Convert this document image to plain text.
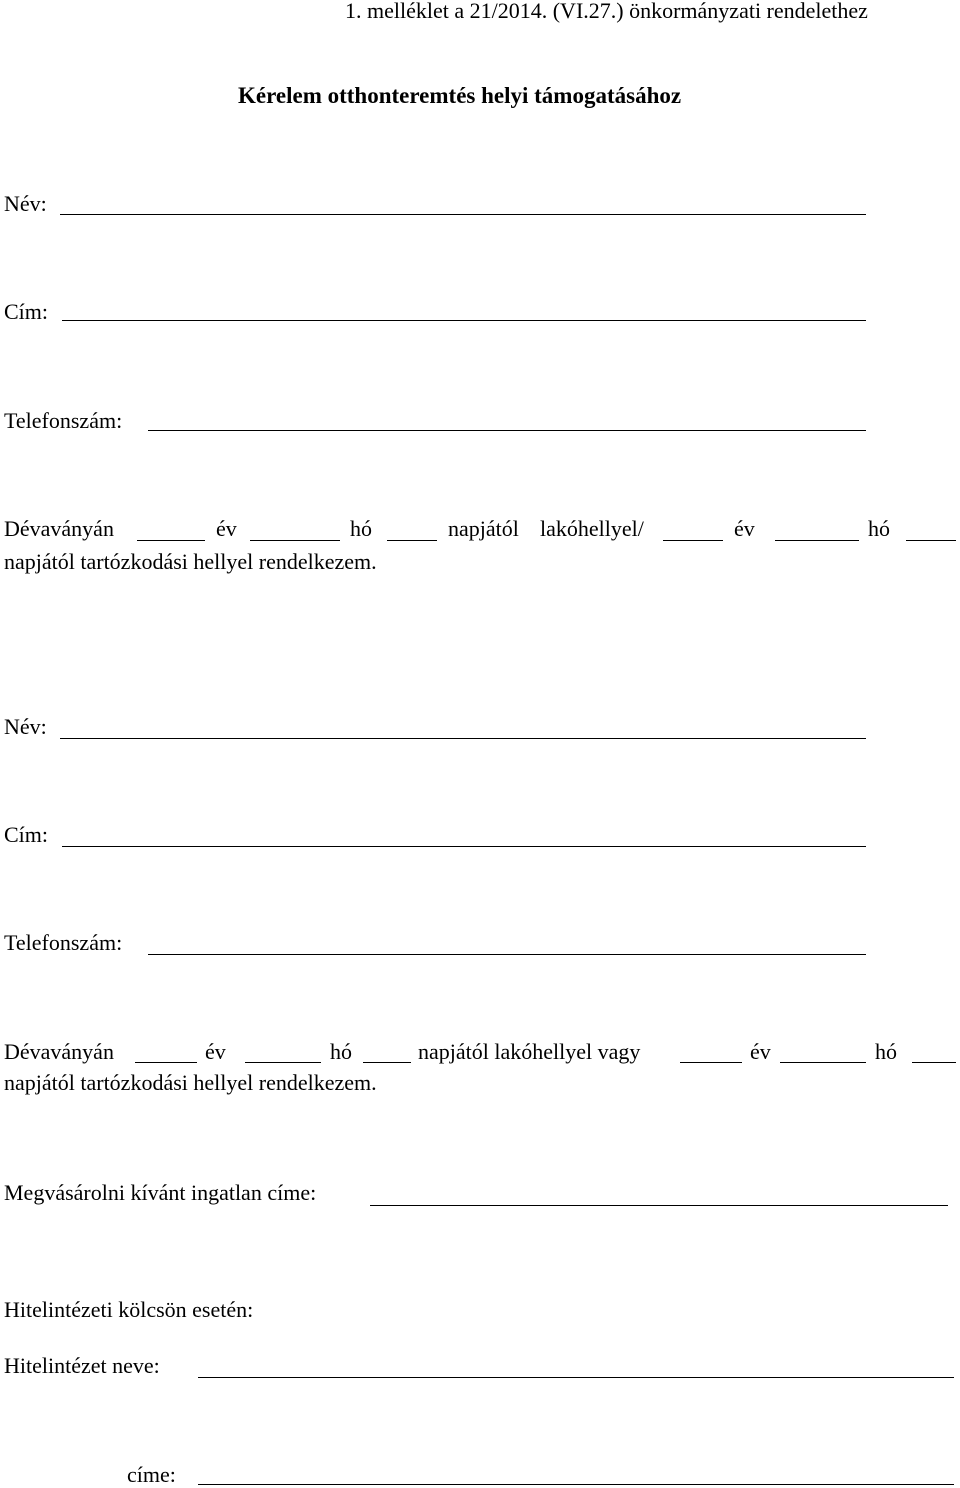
1. melléklet a 21/2014. (VI.27.) önkormányzati rendelethez
Kérelem otthonteremtés helyi támogatásához
Név:
Cím:
Telefonszám:
Dévaványán	év	hó	napjától lakóhellyel/	év	hó
napjától tartózkodási hellyel rendelkezem.
Név:
Cím:
Telefonszám:
Dévaványán	év	hó	napjától lakóhellyel vagy	év	hó
napjától tartózkodási hellyel rendelkezem.
Megvásárolni kívánt ingatlan címe:
Hitelintézeti kölcsön esetén:
Hitelintézet neve:
címe:
